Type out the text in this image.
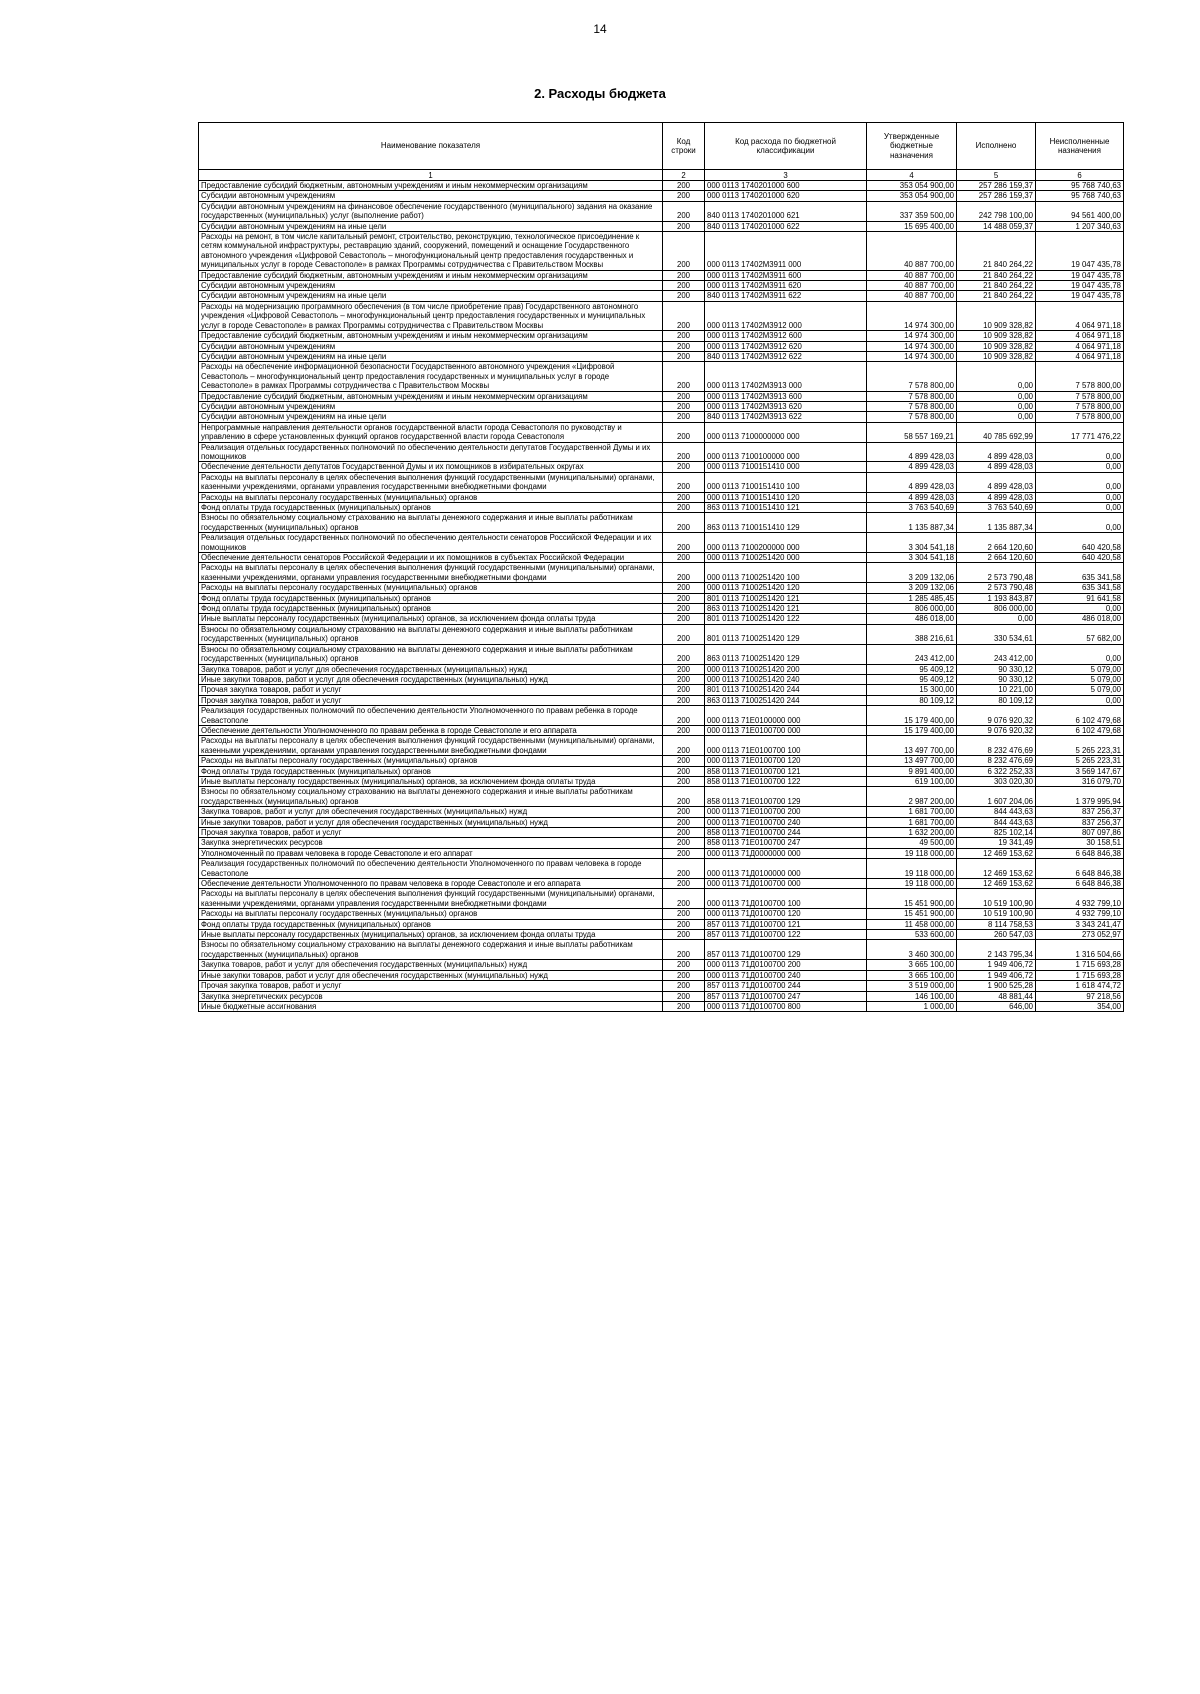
14
2. Расходы бюджета
Наименование показателя	Код строки	Код расхода по бюджетной классификации	Утвержденные бюджетные назначения	Исполнено	Неисполненные назначения
1	2	3	4	5	6
Предоставление субсидий бюджетным, автономным учреждениям и иным некоммерческим организациям	200	000 0113 1740201000 600	353 054 900,00	257 286 159,37	95 768 740,63
Субсидии автономным учреждениям	200	000 0113 1740201000 620	353 054 900,00	257 286 159,37	95 768 740,63
Субсидии автономным учреждениям на финансовое обеспечение государственного (муниципального) задания на оказание государственных (муниципальных) услуг (выполнение работ)	200	840 0113 1740201000 621	337 359 500,00	242 798 100,00	94 561 400,00
Субсидии автономным учреждениям на иные цели	200	840 0113 1740201000 622	15 695 400,00	14 488 059,37	1 207 340,63
Расходы на ремонт, в том числе капитальный ремонт, строительство, реконструкцию, технологическое присоединение к сетям коммунальной инфраструктуры, реставрацию зданий, сооружений, помещений и оснащение Государственного автономного учреждения «Цифровой Севастополь – многофункциональный центр предоставления государственных и муниципальных услуг в городе Севастополе» в рамках Программы сотрудничества с Правительством Москвы	200	000 0113 17402M3911 000	40 887 700,00	21 840 264,22	19 047 435,78
Предоставление субсидий бюджетным, автономным учреждениям и иным некоммерческим организациям	200	000 0113 17402M3911 600	40 887 700,00	21 840 264,22	19 047 435,78
Субсидии автономным учреждениям	200	000 0113 17402M3911 620	40 887 700,00	21 840 264,22	19 047 435,78
Субсидии автономным учреждениям на иные цели	200	840 0113 17402M3911 622	40 887 700,00	21 840 264,22	19 047 435,78
Расходы на модернизацию программного обеспечения (в том числе приобретение прав) Государственного автономного учреждения «Цифровой Севастополь – многофункциональный центр предоставления государственных и муниципальных услуг в городе Севастополе» в рамках Программы сотрудничества с Правительством Москвы	200	000 0113 17402M3912 000	14 974 300,00	10 909 328,82	4 064 971,18
Предоставление субсидий бюджетным, автономным учреждениям и иным некоммерческим организациям	200	000 0113 17402M3912 600	14 974 300,00	10 909 328,82	4 064 971,18
Субсидии автономным учреждениям	200	000 0113 17402M3912 620	14 974 300,00	10 909 328,82	4 064 971,18
Субсидии автономным учреждениям на иные цели	200	840 0113 17402M3912 622	14 974 300,00	10 909 328,82	4 064 971,18
Расходы на обеспечение информационной безопасности Государственного автономного учреждения «Цифровой Севастополь – многофункциональный центр предоставления государственных и муниципальных услуг в городе Севастополе» в рамках Программы сотрудничества с Правительством Москвы	200	000 0113 17402M3913 000	7 578 800,00	0,00	7 578 800,00
Предоставление субсидий бюджетным, автономным учреждениям и иным некоммерческим организациям	200	000 0113 17402M3913 600	7 578 800,00	0,00	7 578 800,00
Субсидии автономным учреждениям	200	000 0113 17402M3913 620	7 578 800,00	0,00	7 578 800,00
Субсидии автономным учреждениям на иные цели	200	840 0113 17402M3913 622	7 578 800,00	0,00	7 578 800,00
Непрограммные направления деятельности органов государственной власти города Севастополя по руководству и управлению в сфере установленных функций органов государственной власти города Севастополя	200	000 0113 7100000000 000	58 557 169,21	40 785 692,99	17 771 476,22
Реализация отдельных государственных полномочий по обеспечению деятельности депутатов Государственной Думы и их помощников	200	000 0113 7100100000 000	4 899 428,03	4 899 428,03	0,00
Обеспечение деятельности депутатов Государственной Думы и их помощников в избирательных округах	200	000 0113 7100151410 000	4 899 428,03	4 899 428,03	0,00
Расходы на выплаты персоналу в целях обеспечения выполнения функций государственными (муниципальными) органами, казенными учреждениями, органами управления государственными внебюджетными фондами	200	000 0113 7100151410 100	4 899 428,03	4 899 428,03	0,00
Расходы на выплаты персоналу государственных (муниципальных) органов	200	000 0113 7100151410 120	4 899 428,03	4 899 428,03	0,00
Фонд оплаты труда государственных (муниципальных) органов	200	863 0113 7100151410 121	3 763 540,69	3 763 540,69	0,00
Взносы по обязательному социальному страхованию на выплаты денежного содержания и иные выплаты работникам государственных (муниципальных) органов	200	863 0113 7100151410 129	1 135 887,34	1 135 887,34	0,00
Реализация отдельных государственных полномочий по обеспечению деятельности сенаторов Российской Федерации и их помощников	200	000 0113 7100200000 000	3 304 541,18	2 664 120,60	640 420,58
Обеспечение деятельности сенаторов Российской Федерации и их помощников в субъектах Российской Федерации	200	000 0113 7100251420 000	3 304 541,18	2 664 120,60	640 420,58
Расходы на выплаты персоналу в целях обеспечения выполнения функций государственными (муниципальными) органами, казенными учреждениями, органами управления государственными внебюджетными фондами	200	000 0113 7100251420 100	3 209 132,06	2 573 790,48	635 341,58
Расходы на выплаты персоналу государственных (муниципальных) органов	200	000 0113 7100251420 120	3 209 132,06	2 573 790,48	635 341,58
Фонд оплаты труда государственных (муниципальных) органов	200	801 0113 7100251420 121	1 285 485,45	1 193 843,87	91 641,58
Фонд оплаты труда государственных (муниципальных) органов	200	863 0113 7100251420 121	806 000,00	806 000,00	0,00
Иные выплаты персоналу государственных (муниципальных) органов, за исключением фонда оплаты труда	200	801 0113 7100251420 122	486 018,00	0,00	486 018,00
Взносы по обязательному социальному страхованию на выплаты денежного содержания и иные выплаты работникам государственных (муниципальных) органов	200	801 0113 7100251420 129	388 216,61	330 534,61	57 682,00
Взносы по обязательному социальному страхованию на выплаты денежного содержания и иные выплаты работникам государственных (муниципальных) органов	200	863 0113 7100251420 129	243 412,00	243 412,00	0,00
Закупка товаров, работ и услуг для обеспечения государственных (муниципальных) нужд	200	000 0113 7100251420 200	95 409,12	90 330,12	5 079,00
Иные закупки товаров, работ и услуг для обеспечения государственных (муниципальных) нужд	200	000 0113 7100251420 240	95 409,12	90 330,12	5 079,00
Прочая закупка товаров, работ и услуг	200	801 0113 7100251420 244	15 300,00	10 221,00	5 079,00
Прочая закупка товаров, работ и услуг	200	863 0113 7100251420 244	80 109,12	80 109,12	0,00
Реализация государственных полномочий по обеспечению деятельности Уполномоченного по правам ребенка в городе Севастополе	200	000 0113 71E0100000 000	15 179 400,00	9 076 920,32	6 102 479,68
Обеспечение деятельности Уполномоченного по правам ребенка в городе Севастополе и его аппарата	200	000 0113 71E0100700 000	15 179 400,00	9 076 920,32	6 102 479,68
Расходы на выплаты персоналу в целях обеспечения выполнения функций государственными (муниципальными) органами, казенными учреждениями, органами управления государственными внебюджетными фондами	200	000 0113 71E0100700 100	13 497 700,00	8 232 476,69	5 265 223,31
Расходы на выплаты персоналу государственных (муниципальных) органов	200	000 0113 71E0100700 120	13 497 700,00	8 232 476,69	5 265 223,31
Фонд оплаты труда государственных (муниципальных) органов	200	858 0113 71E0100700 121	9 891 400,00	6 322 252,33	3 569 147,67
Иные выплаты персоналу государственных (муниципальных) органов, за исключением фонда оплаты труда	200	858 0113 71E0100700 122	619 100,00	303 020,30	316 079,70
Взносы по обязательному социальному страхованию на выплаты денежного содержания и иные выплаты работникам государственных (муниципальных) органов	200	858 0113 71E0100700 129	2 987 200,00	1 607 204,06	1 379 995,94
Закупка товаров, работ и услуг для обеспечения государственных (муниципальных) нужд	200	000 0113 71E0100700 200	1 681 700,00	844 443,63	837 256,37
Иные закупки товаров, работ и услуг для обеспечения государственных (муниципальных) нужд	200	000 0113 71E0100700 240	1 681 700,00	844 443,63	837 256,37
Прочая закупка товаров, работ и услуг	200	858 0113 71E0100700 244	1 632 200,00	825 102,14	807 097,86
Закупка энергетических ресурсов	200	858 0113 71E0100700 247	49 500,00	19 341,49	30 158,51
Уполномоченный по правам человека в городе Севастополе и его аппарат	200	000 0113 71Д0000000 000	19 118 000,00	12 469 153,62	6 648 846,38
Реализация государственных полномочий по обеспечению деятельности Уполномоченного по правам человека в городе Севастополе	200	000 0113 71Д0100000 000	19 118 000,00	12 469 153,62	6 648 846,38
Обеспечение деятельности Уполномоченного по правам человека в городе Севастополе и его аппарата	200	000 0113 71Д0100700 000	19 118 000,00	12 469 153,62	6 648 846,38
Расходы на выплаты персоналу в целях обеспечения выполнения функций государственными (муниципальными) органами, казенными учреждениями, органами управления государственными внебюджетными фондами	200	000 0113 71Д0100700 100	15 451 900,00	10 519 100,90	4 932 799,10
Расходы на выплаты персоналу государственных (муниципальных) органов	200	000 0113 71Д0100700 120	15 451 900,00	10 519 100,90	4 932 799,10
Фонд оплаты труда государственных (муниципальных) органов	200	857 0113 71Д0100700 121	11 458 000,00	8 114 758,53	3 343 241,47
Иные выплаты персоналу государственных (муниципальных) органов, за исключением фонда оплаты труда	200	857 0113 71Д0100700 122	533 600,00	260 547,03	273 052,97
Взносы по обязательному социальному страхованию на выплаты денежного содержания и иные выплаты работникам государственных (муниципальных) органов	200	857 0113 71Д0100700 129	3 460 300,00	2 143 795,34	1 316 504,66
Закупка товаров, работ и услуг для обеспечения государственных (муниципальных) нужд	200	000 0113 71Д0100700 200	3 665 100,00	1 949 406,72	1 715 693,28
Иные закупки товаров, работ и услуг для обеспечения государственных (муниципальных) нужд	200	000 0113 71Д0100700 240	3 665 100,00	1 949 406,72	1 715 693,28
Прочая закупка товаров, работ и услуг	200	857 0113 71Д0100700 244	3 519 000,00	1 900 525,28	1 618 474,72
Закупка энергетических ресурсов	200	857 0113 71Д0100700 247	146 100,00	48 881,44	97 218,56
Иные бюджетные ассигнования	200	000 0113 71Д0100700 800	1 000,00	646,00	354,00
